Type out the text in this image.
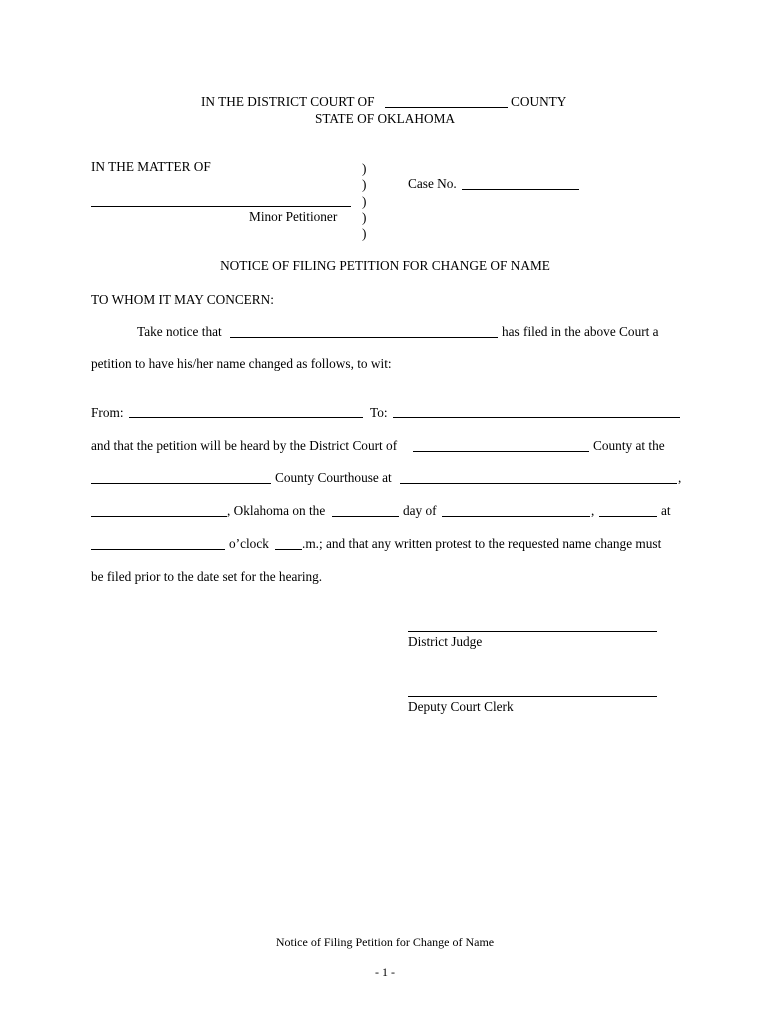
IN THE DISTRICT COURT OF	COUNTY
STATE OF OKLAHOMA
IN THE MATTER OF	)
)
)
)
)
Case No.
Minor Petitioner
NOTICE OF FILING PETITION FOR CHANGE OF NAME
TO WHOM IT MAY CONCERN:
Take notice that	has filed in the above Court a
petition to have his/her name changed as follows, to wit:
From:	To:
and that the petition will be heard by the District Court of	County at the
County Courthouse at	,
, Oklahoma on the	day of	,	at
o’clock .m.; and that any written protest to the requested name change must
be filed prior to the date set for the hearing.
District Judge
Deputy Court Clerk
Notice of Filing Petition for Change of Name
- 1 -
